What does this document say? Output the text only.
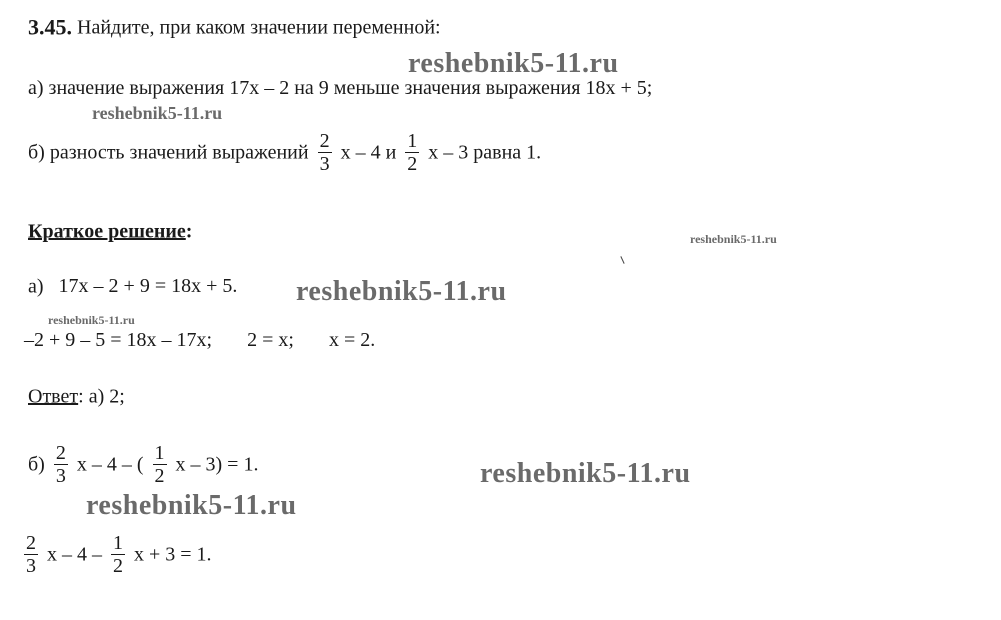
3.45. Найдите, при каком значении переменной:
а) значение выражения 17х – 2 на 9 меньше значения выражения 18х + 5;
б) разность значений выражений $\frac{2}{3}$ х – 4 и $\frac{1}{2}$ х – 3 равна 1.
Краткое решение:
а) 17х – 2 + 9 = 18х + 5.
–2 + 9 – 5 = 18х – 17х;       2 = х;       х = 2.
Ответ: а) 2;
$б) \frac{2}{3}$ х – 4 – ( $\frac{1}{2}$ х – 3) = 1.
$\frac{2}{3}$ х – $4 - \frac{1}{2}$ х + 3 = 1.
reshebnik5-11.ru
reshebnik5-11.ru
reshebnik5-11.ru
reshebnik5-11.ru
reshebnik5-11.ru
reshebnik5-11.ru
reshebnik5-11.ru
